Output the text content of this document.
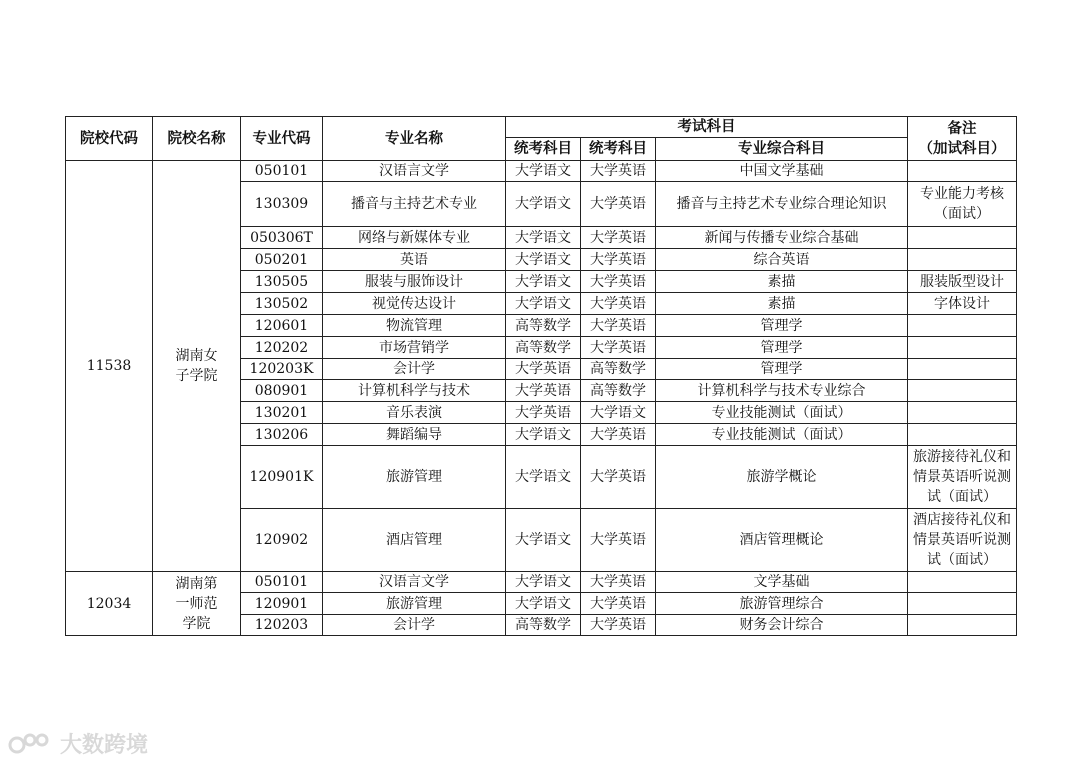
院校代码	院校名称	专业代码	专业名称	考试科目			备注
（加试科目）

				统考科目	统考科目	专业综合科目	
11538	湖南女子学院	050101	汉语言文学	大学语文	大学英语	中国文学基础	
		130309	播音与主持艺术专业	大学语文	大学英语	播音与主持艺术专业综合理论知识	专业能力考核（面试）
		050306T	网络与新媒体专业	大学语文	大学英语	新闻与传播专业综合基础	
		050201	英语	大学语文	大学英语	综合英语	
		130505	服装与服饰设计	大学语文	大学英语	素描	服装版型设计
		130502	视觉传达设计	大学语文	大学英语	素描	字体设计
		120601	物流管理	高等数学	大学英语	管理学	
		120202	市场营销学	高等数学	大学英语	管理学	
		120203K	会计学	大学英语	高等数学	管理学	
		080901	计算机科学与技术	大学英语	高等数学	计算机科学与技术专业综合	
		130201	音乐表演	大学英语	大学语文	专业技能测试（面试）	
		130206	舞蹈编导	大学语文	大学英语	专业技能测试（面试）	
		120901K	旅游管理	大学语文	大学英语	旅游学概论	旅游接待礼仪和情景英语听说测试（面试）
		120902	酒店管理	大学语文	大学英语	酒店管理概论	酒店接待礼仪和情景英语听说测试（面试）
12034	湖南第一师范学院	050101	汉语言文学	大学语文	大学英语	文学基础	
		120901	旅游管理	大学语文	大学英语	旅游管理综合	
		120203	会计学	高等数学	大学英语	财务会计综合	
大数跨境
